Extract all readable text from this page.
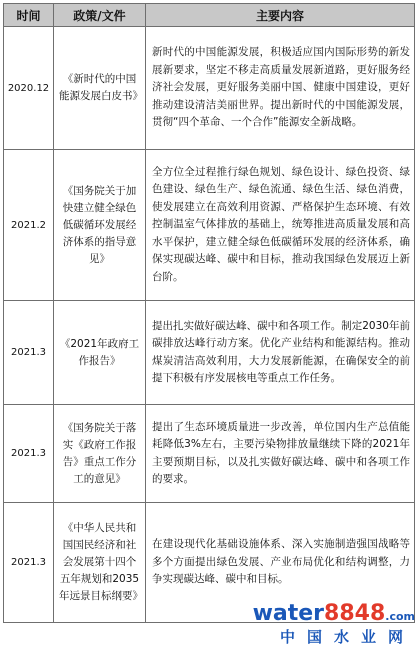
时间	政策/文件	主要内容
2020.12	《新时代的中国能源发展白皮书》	新时代的中国能源发展，积极适应国内国际形势的新发展新要求，坚定不移走高质量发展新道路，更好服务经济社会发展，更好服务美丽中国、健康中国建设，更好推动建设清洁美丽世界。提出新时代的中国能源发展，贯彻“四个革命、一个合作”能源安全新战略。
2021.2	《国务院关于加快建立健全绿色低碳循环发展经济体系的指导意见》	全方位全过程推行绿色规划、绿色设计、绿色投资、绿色建设、绿色生产、绿色流通、绿色生活、绿色消费，使发展建立在高效利用资源、严格保护生态环境、有效控制温室气体排放的基础上，统筹推进高质量发展和高水平保护，建立健全绿色低碳循环发展的经济体系，确保实现碳达峰、碳中和目标，推动我国绿色发展迈上新台阶。
2021.3	《2021年政府工作报告》	提出扎实做好碳达峰、碳中和各项工作。制定2030年前碳排放达峰行动方案。优化产业结构和能源结构。推动煤炭清洁高效利用，大力发展新能源，在确保安全的前提下积极有序发展核电等重点工作任务。
2021.3	《国务院关于落实《政府工作报告》重点工作分工的意见》	提出了生态环境质量进一步改善，单位国内生产总值能耗降低3%左右，主要污染物排放量继续下降的2021年主要预期目标，以及扎实做好碳达峰、碳中和各项工作的要求。
2021.3	《中华人民共和国国民经济和社会发展第十四个五年规划和2035年远景目标纲要》	在建设现代化基础设施体系、深入实施制造强国战略等多个方面提出绿色发展、产业布局优化和结构调整，力争实现碳达峰、碳中和目标。
water8848.com
中国水业网
